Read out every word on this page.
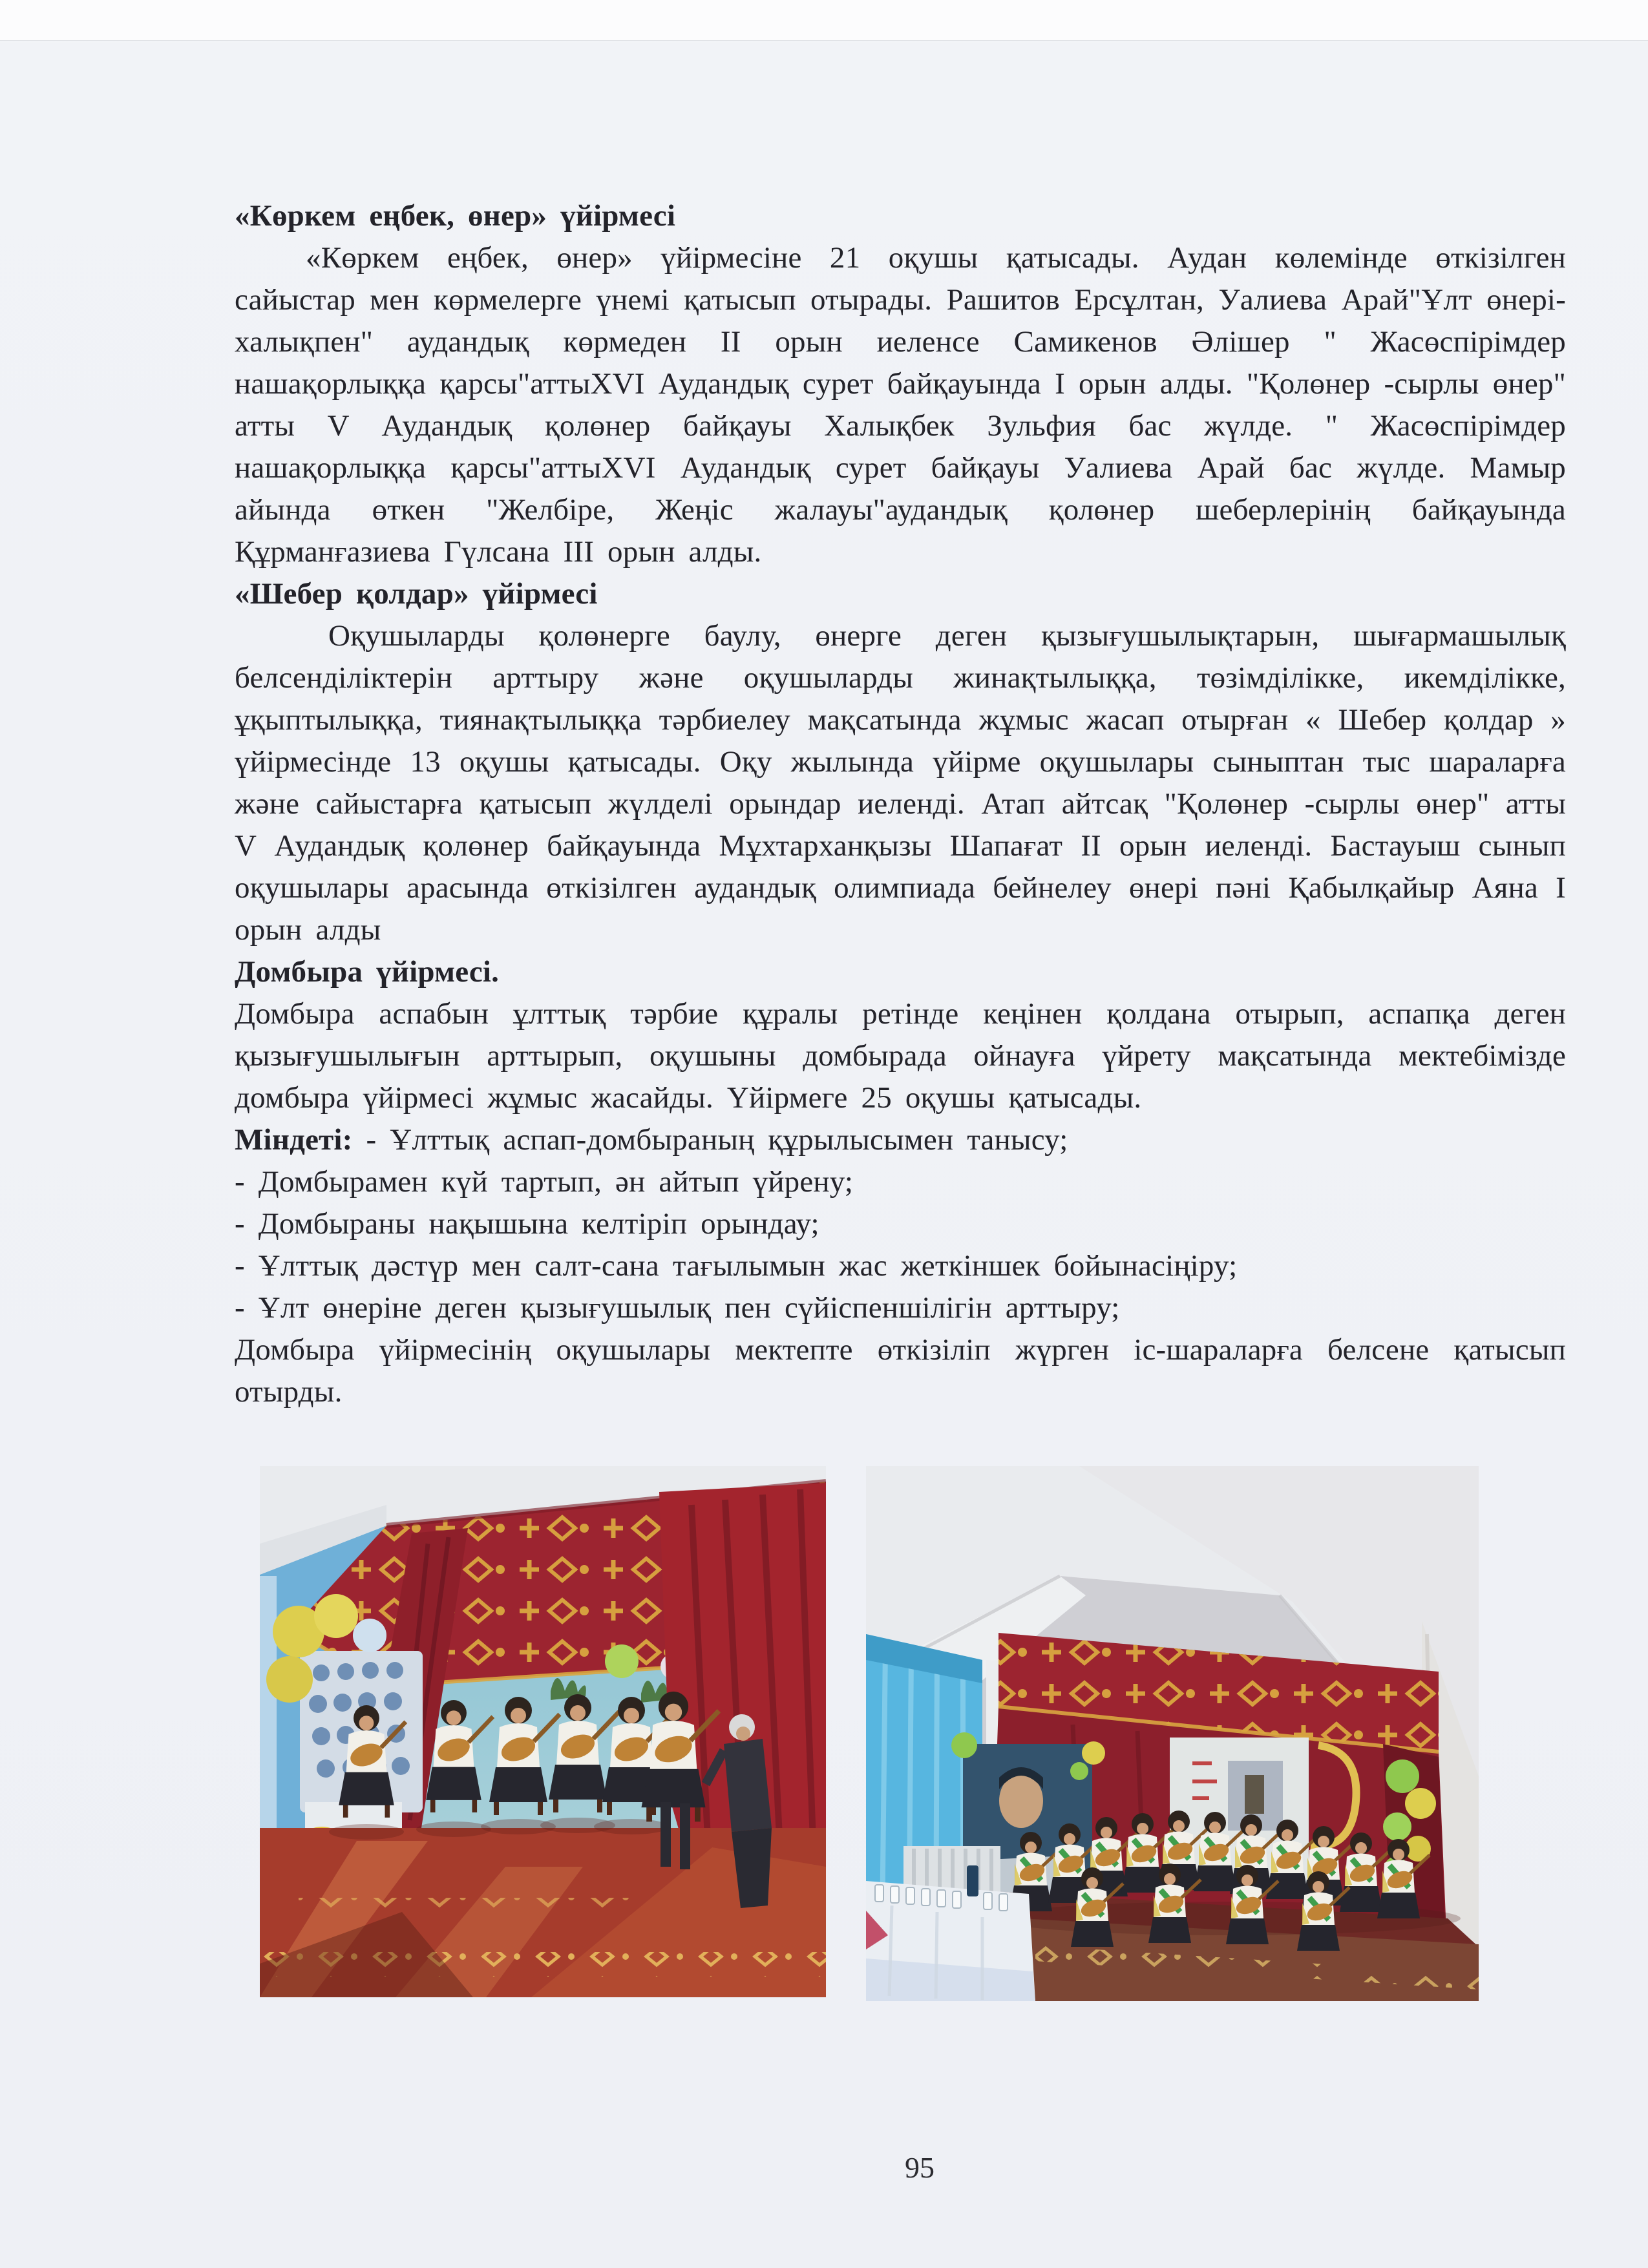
«Көркем еңбек, өнер» үйірмесі

«Көркем еңбек, өнер» үйірмесіне 21 оқушы қатысады. Аудан көлемінде өткізілген сайыстар мен көрмелерге үнемі қатысып отырады. Рашитов Ерсұлтан, Уалиева Арай"Ұлт өнері-халықпен" аудандық көрмеден II орын иеленсе Самикенов Әлішер " Жасөспірімдер нашақорлыққа қарсы"аттыXVI Аудандық сурет байқауында I орын алды. "Қолөнер -сырлы өнер" атты V Аудандық қолөнер байқауы Халықбек Зульфия бас жүлде. " Жасөспірімдер нашақорлыққа қарсы"аттыXVI Аудандық сурет байқауы Уалиева Арай бас жүлде. Мамыр айында өткен "Желбіре, Жеңіс жалауы"аудандық қолөнер шеберлерінің байқауында Құрманғазиева Гүлсана III орын алды.

«Шебер қолдар» үйірмесі

Оқушыларды қолөнерге баулу, өнерге деген қызығушылықтарын, шығармашылық белсенділіктерін арттыру және оқушыларды жинақтылыққа, төзімділікке, икемділікке, ұқыптылыққа, тиянақтылыққа тәрбиелеу мақсатында жұмыс жасап отырған « Шебер қолдар » үйірмесінде 13 оқушы қатысады. Оқу жылында үйірме оқушылары сыныптан тыс шараларға және сайыстарға қатысып жүлделі орындар иеленді. Атап айтсақ "Қолөнер -сырлы өнер" атты V Аудандық қолөнер байқауында Мұхтарханқызы Шапағат II орын иеленді. Бастауыш сынып оқушылары арасында өткізілген аудандық олимпиада бейнелеу өнері пәні Қабылқайыр Аяна I орын алды

Домбыра үйірмесі.

Домбыра аспабын ұлттық тәрбие құралы ретінде кеңінен қолдана отырып, аспапқа деген қызығушылығын арттырып, оқушыны домбырада ойнауға үйрету мақсатында мектебімізде домбыра үйірмесі жұмыс жасайды. Үйірмеге 25 оқушы қатысады.

Міндеті: - Ұлттық аспап-домбыраның құрылысымен танысу;

- Домбырамен күй тартып, ән айтып үйрену;

- Домбыраны нақышына келтіріп орындау;

- Ұлттық дәстүр мен салт-сана тағылымын жас жеткіншек бойынасіңіру;

- Ұлт өнеріне деген қызығушылық пен сүйіспеншілігін арттыру;

Домбыра үйірмесінің оқушылары мектепте өткізіліп жүрген іс-шараларға белсене қатысып отырды.

95
